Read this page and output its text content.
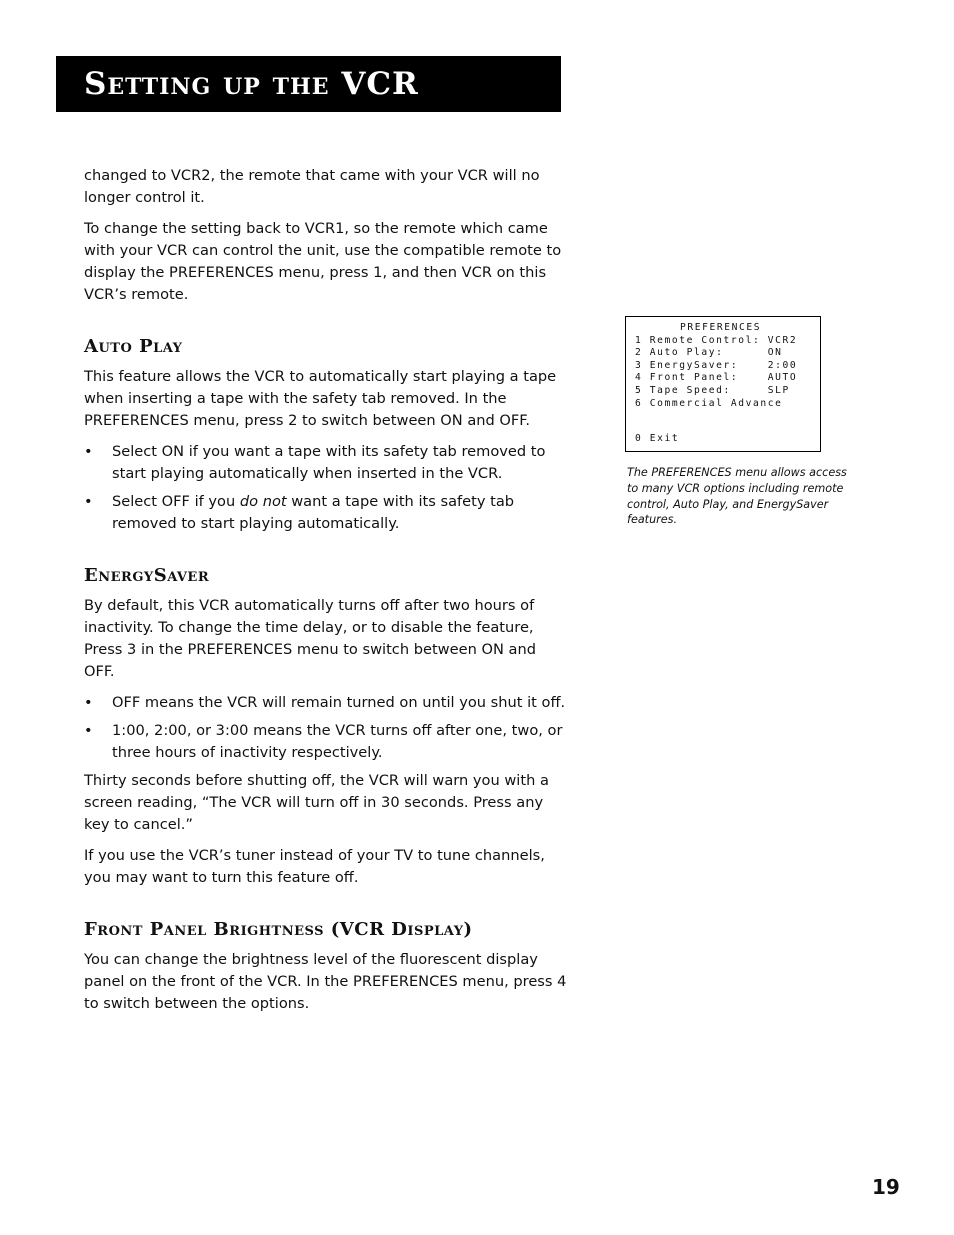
Setting up the VCR

changed to VCR2, the remote that came with your VCR will no longer control it.

To change the setting back to VCR1, so the remote which came with your VCR can control the unit, use the compatible remote to display the PREFERENCES menu, press 1, and then VCR on this VCR’s remote.

Auto Play

This feature allows the VCR to automatically start playing a tape when inserting a tape with the safety tab removed. In the PREFERENCES menu, press 2 to switch between ON and OFF.

• Select ON if you want a tape with its safety tab removed to start playing automatically when inserted in the VCR.
• Select OFF if you do not want a tape with its safety tab removed to start playing automatically.
EnergySaver

By default, this VCR automatically turns off after two hours of inactivity. To change the time delay, or to disable the feature, Press 3 in the PREFERENCES menu to switch between ON and OFF.

• OFF means the VCR will remain turned on until you shut it off.
• 1:00, 2:00, or 3:00 means the VCR turns off after one, two, or three hours of inactivity respectively.

Thirty seconds before shutting off, the VCR will warn you with a screen reading, “The VCR will turn off in 30 seconds. Press any key to cancel.”

If you use the VCR’s tuner instead of your TV to tune channels, you may want to turn this feature off.

Front Panel Brightness (VCR Display)

You can change the brightness level of the fluorescent display panel on the front of the VCR. In the PREFERENCES menu, press 4 to switch between the options.

PREFERENCES
1 Remote Control: VCR2
2 Auto Play:      ON
3 EnergySaver:    2:00
4 Front Panel:    AUTO
5 Tape Speed:     SLP
6 Commercial Advance
0 Exit
The PREFERENCES menu allows access to many VCR options including remote control, Auto Play, and EnergySaver features.
19
